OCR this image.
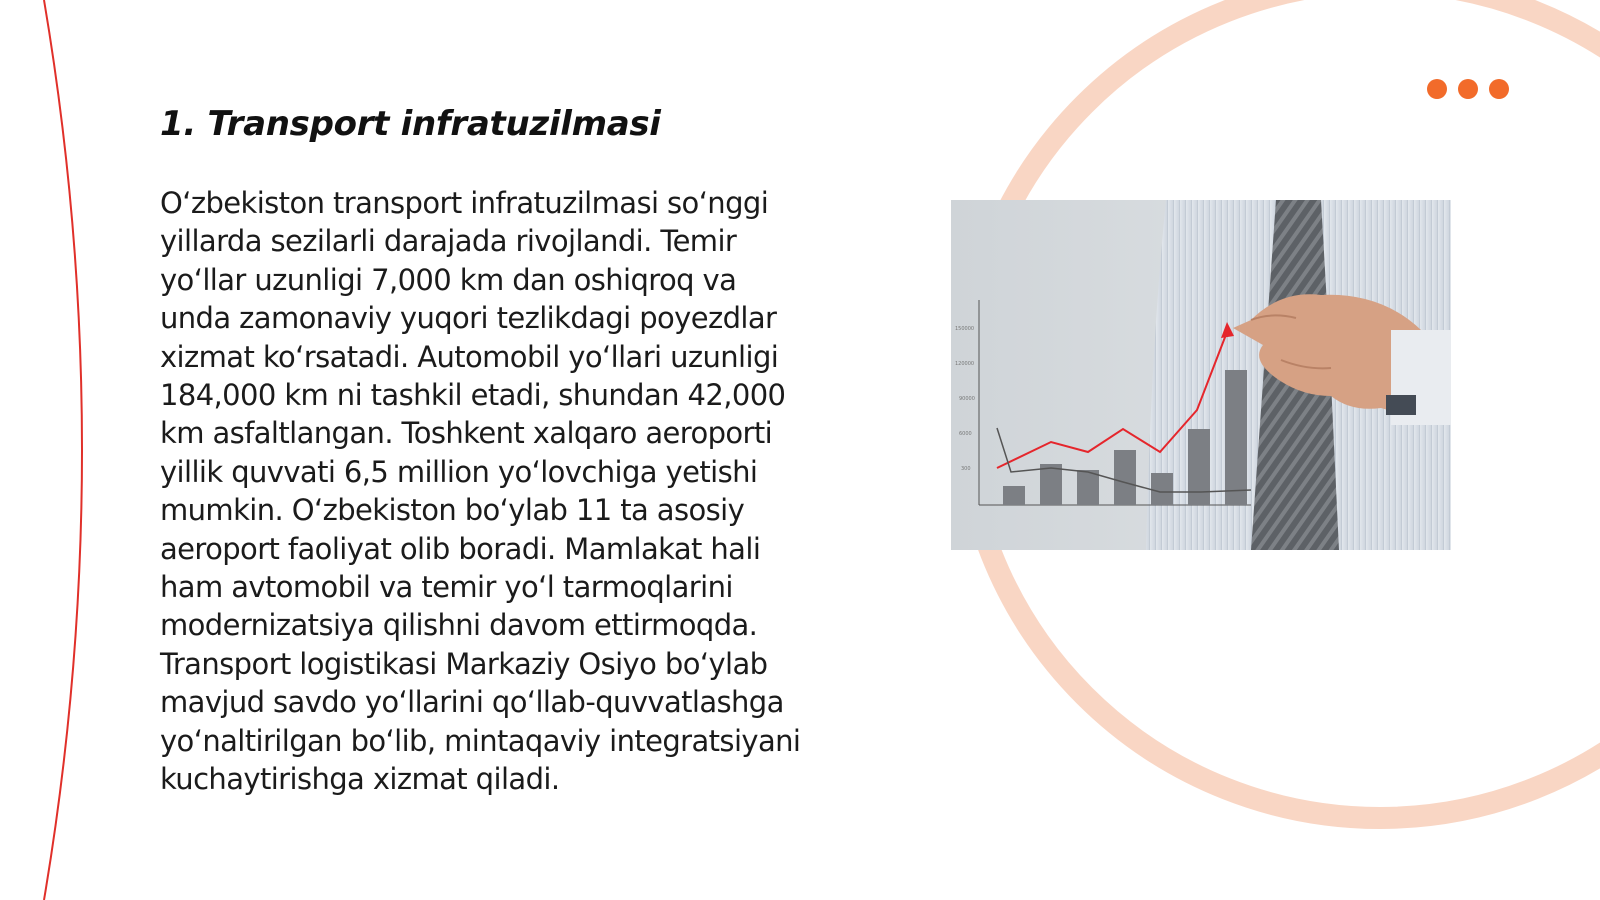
1. Transport infratuzilmasi

O‘zbekiston transport infratuzilmasi so‘nggi
yillarda sezilarli darajada rivojlandi. Temir
yo‘llar uzunligi 7,000 km dan oshiqroq va
unda zamonaviy yuqori tezlikdagi poyezdlar
xizmat ko‘rsatadi. Automobil yo‘llari uzunligi
184,000 km ni tashkil etadi, shundan 42,000
km asfaltlangan. Toshkent xalqaro aeroporti
yillik quvvati 6,5 million yo‘lovchiga yetishi
mumkin. O‘zbekiston bo‘ylab 11 ta asosiy
aeroport faoliyat olib boradi. Mamlakat hali
ham avtomobil va temir yo‘l tarmoqlarini
modernizatsiya qilishni davom ettirmoqda.
Transport logistikasi Markaziy Osiyo bo‘ylab
mavjud savdo yo‘llarini qo‘llab-quvvatlashga
yo‘naltirilgan bo‘lib, mintaqaviy integratsiyani
kuchaytirishga xizmat qiladi.

150000
120000
90000
6000
300
